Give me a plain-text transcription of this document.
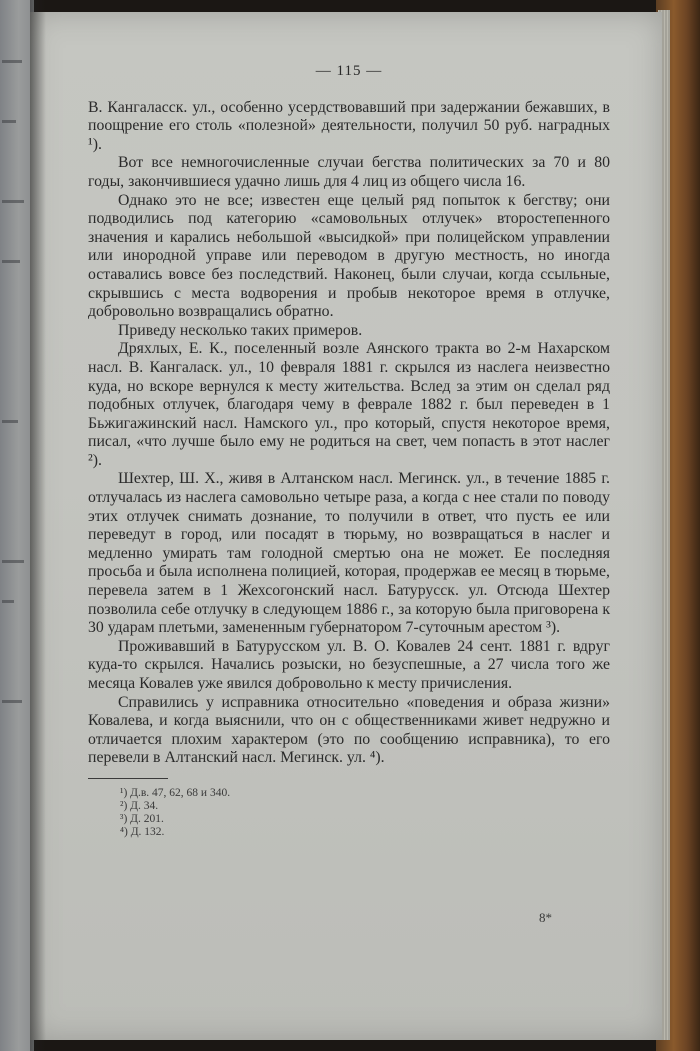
— 115 —

В. Кангаласск. ул., особенно усердствовавший при задержании бежавших, в поощрение его столь «полезной» деятельности, получил 50 руб. наградных ¹).

Вот все немногочисленные случаи бегства политических за 70 и 80 годы, закончившиеся удачно лишь для 4 лиц из общего числа 16.

Однако это не все; известен еще целый ряд попыток к бегству; они подводились под категорию «самовольных отлучек» второстепенного значения и карались небольшой «высидкой» при полицейском управлении или инородной управе или переводом в другую местность, но иногда оставались вовсе без последствий. Наконец, были случаи, когда ссыльные, скрывшись с места водворения и пробыв некоторое время в отлучке, добровольно возвращались обратно.

Приведу несколько таких примеров.

Дряхлых, Е. К., поселенный возле Аянского тракта во 2-м Нахарском насл. В. Кангаласк. ул., 10 февраля 1881 г. скрылся из наслега неизвестно куда, но вскоре вернулся к месту жительства. Вслед за этим он сделал ряд подобных отлучек, благодаря чему в феврале 1882 г. был переведен в 1 Бьжигажинский насл. Намского ул., про который, спустя некоторое время, писал, «что лучше было ему не родиться на свет, чем попасть в этот наслег ²).

Шехтер, Ш. Х., живя в Алтанском насл. Мегинск. ул., в течение 1885 г. отлучалась из наслега самовольно четыре раза, а когда с нее стали по поводу этих отлучек снимать дознание, то получили в ответ, что пусть ее или переведут в город, или посадят в тюрьму, но возвращаться в наслег и медленно умирать там голодной смертью она не может. Ее последняя просьба и была исполнена полицией, которая, продержав ее месяц в тюрьме, перевела затем в 1 Жехсогонский насл. Батурусск. ул. Отсюда Шехтер позволила себе отлучку в следующем 1886 г., за которую была приговорена к 30 ударам плетьми, замененным губернатором 7-суточным арестом ³).

Проживавший в Батурусском ул. В. О. Ковалев 24 сент. 1881 г. вдруг куда-то скрылся. Начались розыски, но безуспешные, а 27 числа того же месяца Ковалев уже явился добровольно к месту причисления.

Справились у исправника относительно «поведения и образа жизни» Ковалева, и когда выяснили, что он с общественниками живет недружно и отличается плохим характером (это по сообщению исправника), то его перевели в Алтанский насл. Мегинск. ул. ⁴).

¹) Д.в. 47, 62, 68 и 340.
²) Д. 34.
³) Д. 201.
⁴) Д. 132.
8*
